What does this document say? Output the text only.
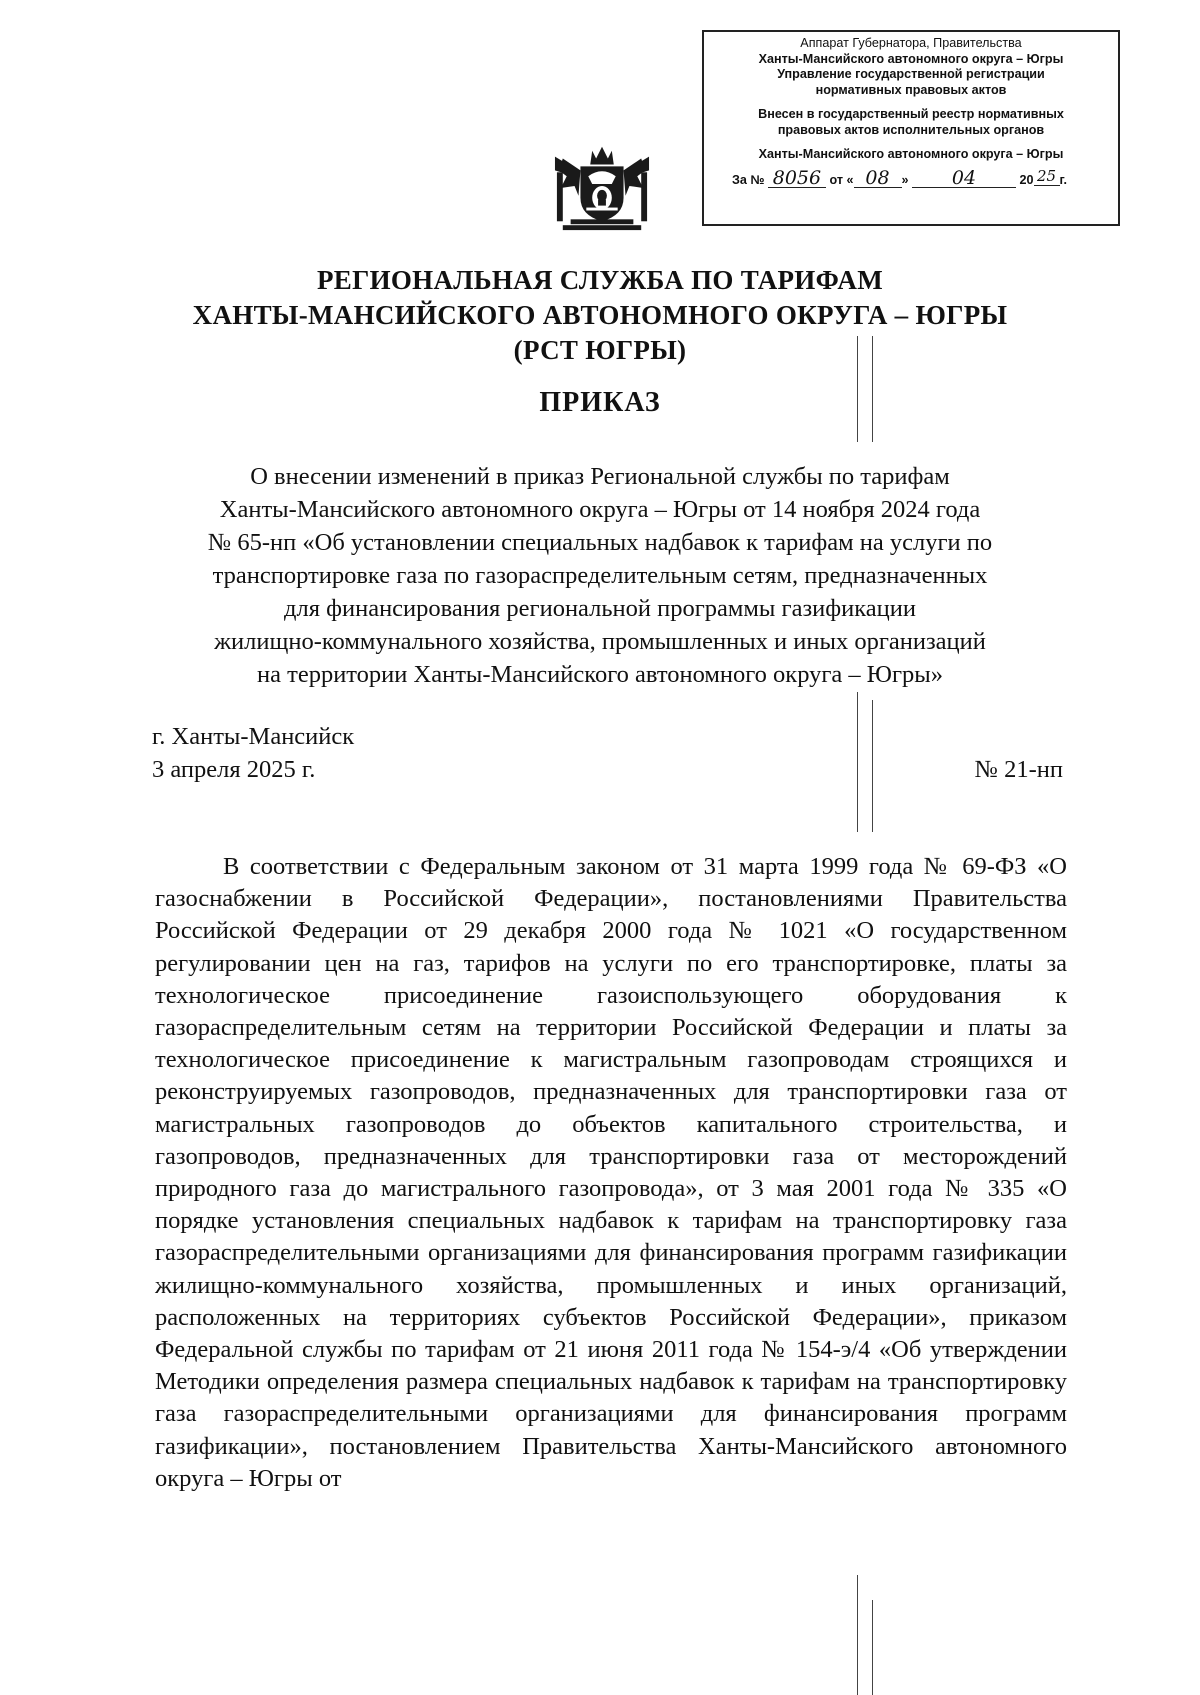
Аппарат Губернатора, Правительства
Ханты-Мансийского автономного округа – Югры
Управление государственной регистрации
нормативных правовых актов
Внесен в государственный реестр нормативных
правовых актов исполнительных органов
Ханты-Мансийского автономного округа – Югры
За № 8056 от « 08 » 04	20 25 г.
РЕГИОНАЛЬНАЯ СЛУЖБА ПО ТАРИФАМ
ХАНТЫ-МАНСИЙСКОГО АВТОНОМНОГО ОКРУГА – ЮГРЫ
(РСТ ЮГРЫ)
ПРИКАЗ
О внесении изменений в приказ Региональной службы по тарифам
Ханты-Мансийского автономного округа – Югры от 14 ноября 2024 года
№ 65-нп «Об установлении специальных надбавок к тарифам на услуги по
транспортировке газа по газораспределительным сетям, предназначенных
для финансирования региональной программы газификации
жилищно-коммунального хозяйства, промышленных и иных организаций
на территории Ханты-Мансийского автономного округа – Югры»
г. Ханты-Мансийск
3 апреля 2025 г.	№ 21-нп
В соответствии с Федеральным законом от 31 марта 1999 года № 69-ФЗ «О газоснабжении в Российской Федерации», постановлениями Правительства Российской Федерации от 29 декабря 2000 года № 1021 «О государственном регулировании цен на газ, тарифов на услуги по его транспортировке, платы за технологическое присоединение газоиспользующего оборудования к газораспределительным сетям на территории Российской Федерации и платы за технологическое присоединение к магистральным газопроводам строящихся и реконструируемых газопроводов, предназначенных для транспортировки газа от магистральных газопроводов до объектов капитального строительства, и газопроводов, предназначенных для транспортировки газа от месторождений природного газа до магистрального газопровода», от 3 мая 2001 года № 335 «О порядке установления специальных надбавок к тарифам на транспортировку газа газораспределительными организациями для финансирования программ газификации жилищно-коммунального хозяйства, промышленных и иных организаций, расположенных на территориях субъектов Российской Федерации», приказом Федеральной службы по тарифам от 21 июня 2011 года № 154-э/4 «Об утверждении Методики определения размера специальных надбавок к тарифам на транспортировку газа газораспределительными организациями для финансирования программ газификации», постановлением Правительства Ханты-Мансийского автономного округа – Югры от
